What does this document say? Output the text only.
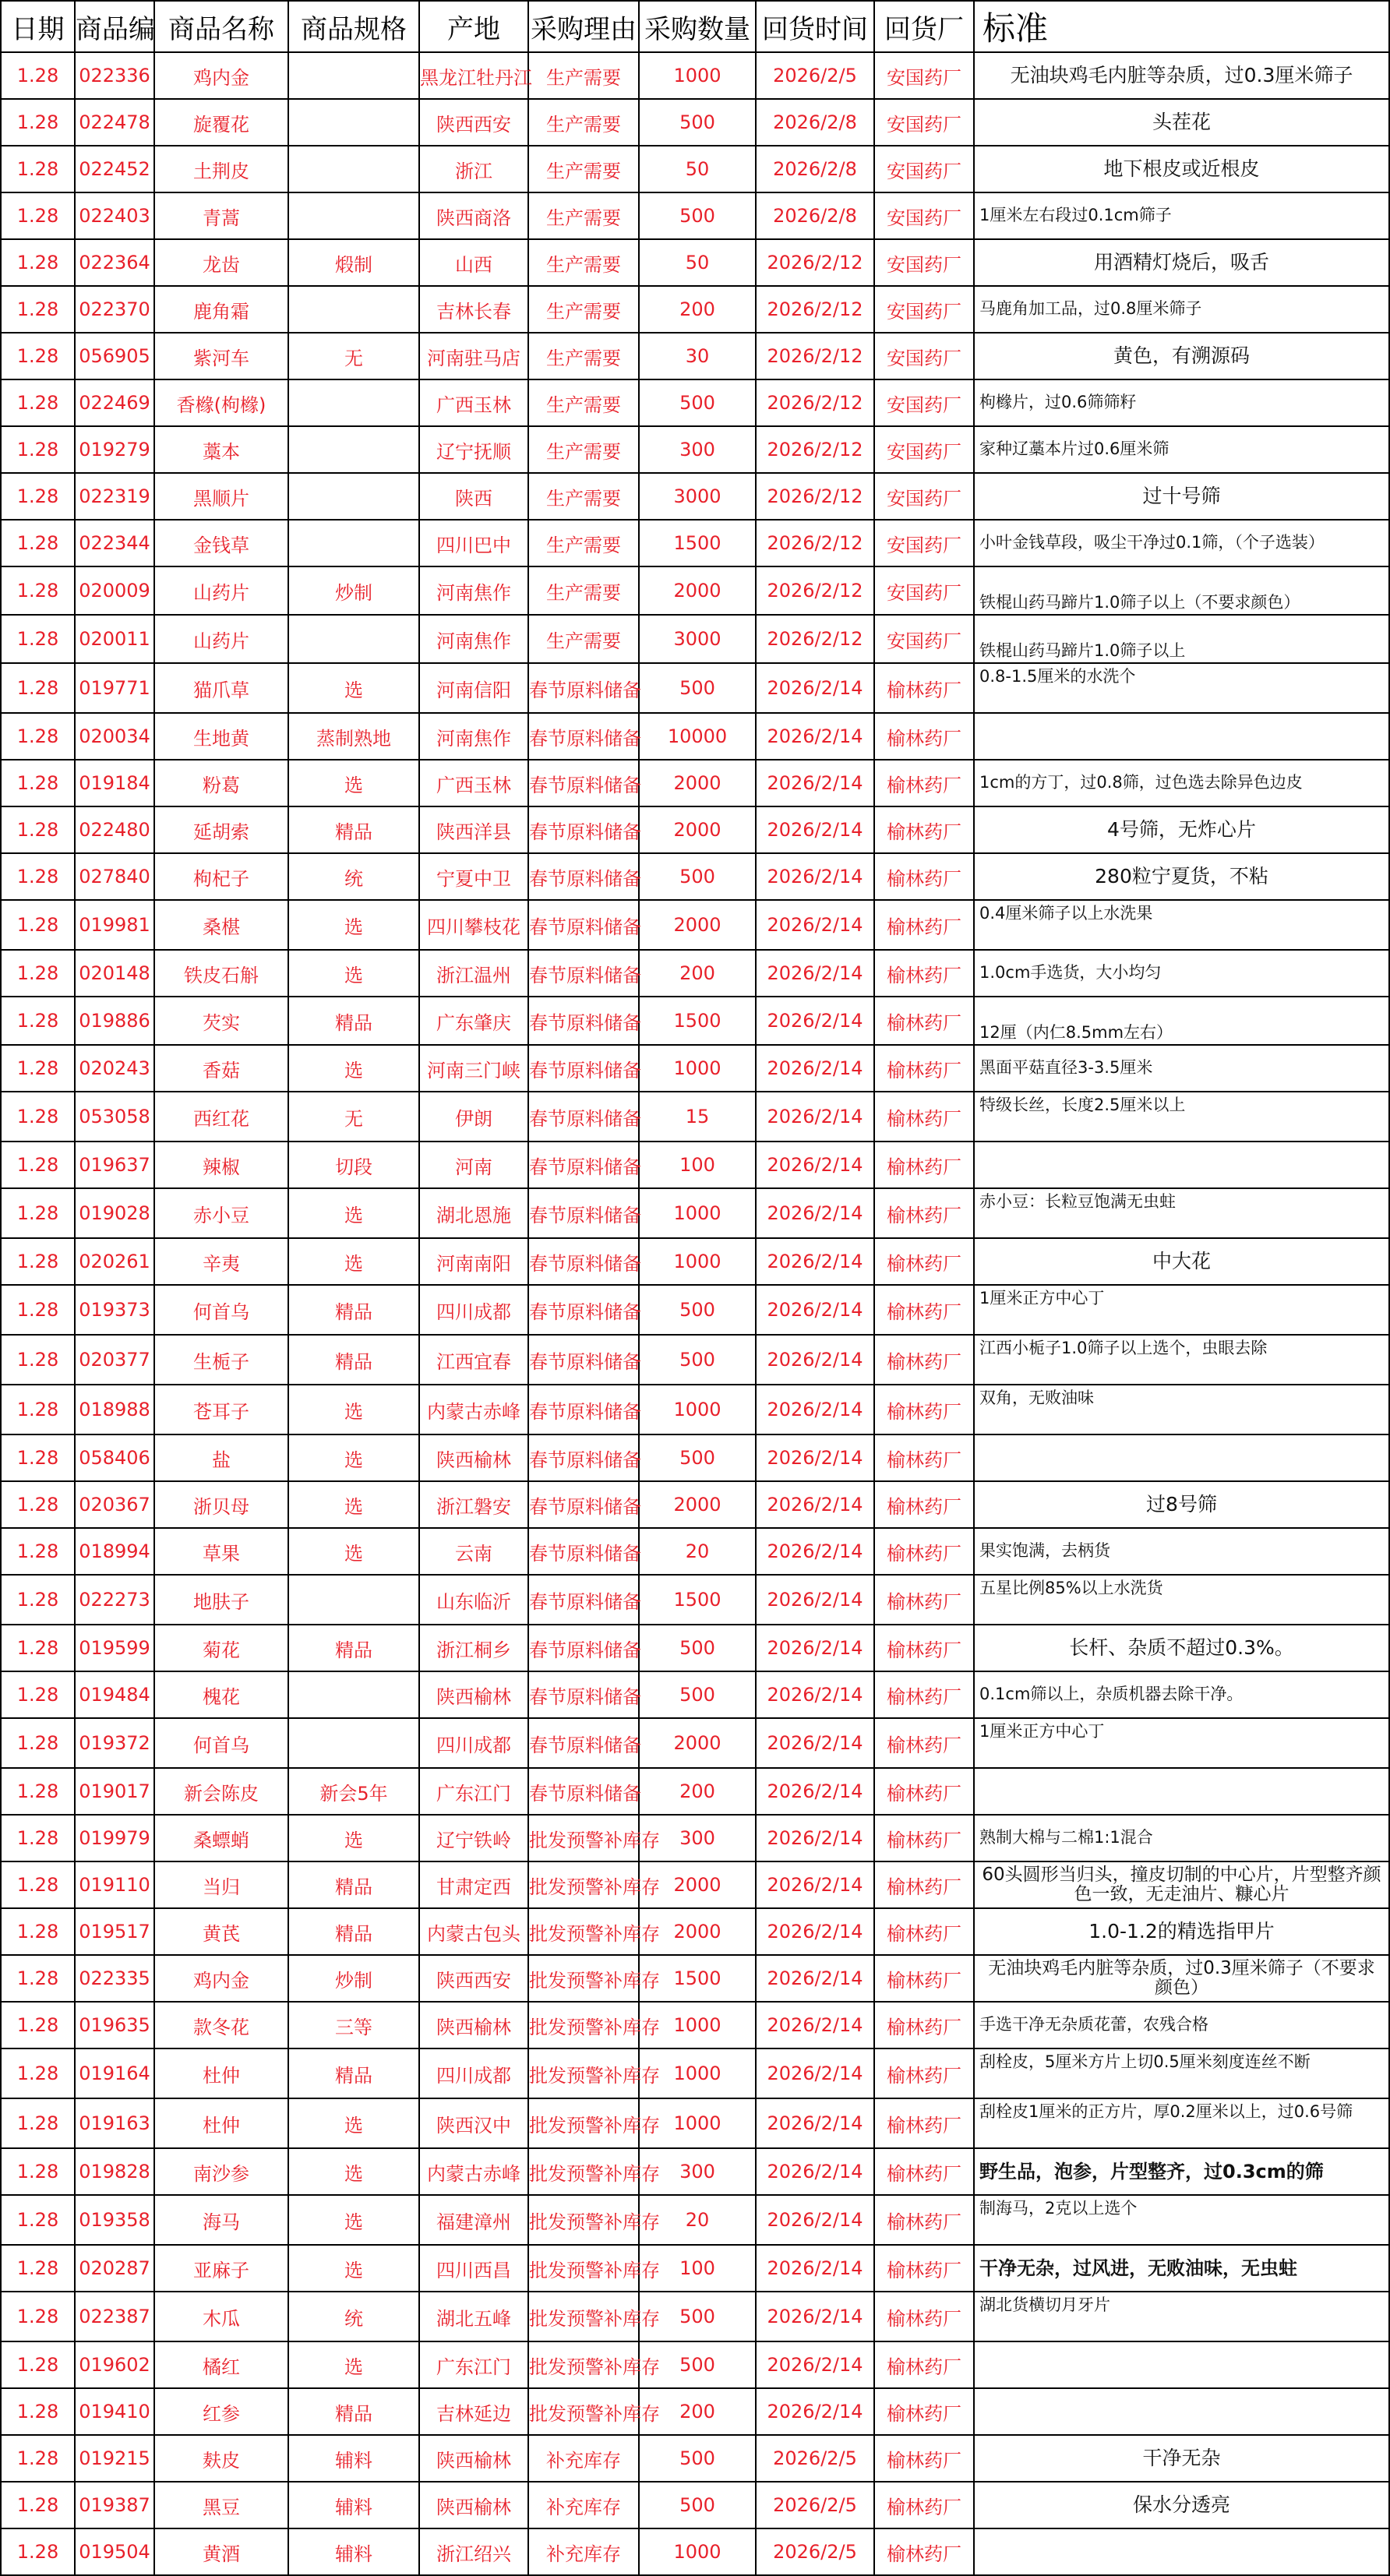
日期	商品编	商品名称	商品规格	产地	采购理由	采购数量	回货时间	回货厂	标准
1.28	022336	鸡内金		黑龙江牡丹江	生产需要	1000	2026/2/5	安国药厂	无油块鸡毛内脏等杂质，过0.3厘米筛子
1.28	022478	旋覆花		陕西西安	生产需要	500	2026/2/8	安国药厂	头茬花
1.28	022452	土荆皮		浙江	生产需要	50	2026/2/8	安国药厂	地下根皮或近根皮
1.28	022403	青蒿		陕西商洛	生产需要	500	2026/2/8	安国药厂	1厘米左右段过0.1cm筛子
1.28	022364	龙齿	煅制	山西	生产需要	50	2026/2/12	安国药厂	用酒精灯烧后，吸舌
1.28	022370	鹿角霜		吉林长春	生产需要	200	2026/2/12	安国药厂	马鹿角加工品，过0.8厘米筛子
1.28	056905	紫河车	无	河南驻马店	生产需要	30	2026/2/12	安国药厂	黄色，有溯源码
1.28	022469	香橼(枸橼)		广西玉林	生产需要	500	2026/2/12	安国药厂	枸橼片，过0.6筛筛籽
1.28	019279	藁本		辽宁抚顺	生产需要	300	2026/2/12	安国药厂	家种辽藁本片过0.6厘米筛
1.28	022319	黑顺片		陕西	生产需要	3000	2026/2/12	安国药厂	过十号筛
1.28	022344	金钱草		四川巴中	生产需要	1500	2026/2/12	安国药厂	小叶金钱草段，吸尘干净过0.1筛，（个子选装）
1.28	020009	山药片	炒制	河南焦作	生产需要	2000	2026/2/12	安国药厂	铁棍山药马蹄片1.0筛子以上（不要求颜色）
1.28	020011	山药片		河南焦作	生产需要	3000	2026/2/12	安国药厂	铁棍山药马蹄片1.0筛子以上
1.28	019771	猫爪草	选	河南信阳	春节原料储备	500	2026/2/14	榆林药厂	0.8-1.5厘米的水洗个
1.28	020034	生地黄	蒸制熟地	河南焦作	春节原料储备	10000	2026/2/14	榆林药厂	
1.28	019184	粉葛	选	广西玉林	春节原料储备	2000	2026/2/14	榆林药厂	1cm的方丁，过0.8筛，过色选去除异色边皮
1.28	022480	延胡索	精品	陕西洋县	春节原料储备	2000	2026/2/14	榆林药厂	4号筛，无炸心片
1.28	027840	枸杞子	统	宁夏中卫	春节原料储备	500	2026/2/14	榆林药厂	280粒宁夏货，不粘
1.28	019981	桑椹	选	四川攀枝花	春节原料储备	2000	2026/2/14	榆林药厂	0.4厘米筛子以上水洗果
1.28	020148	铁皮石斛	选	浙江温州	春节原料储备	200	2026/2/14	榆林药厂	1.0cm手选货，大小均匀
1.28	019886	芡实	精品	广东肇庆	春节原料储备	1500	2026/2/14	榆林药厂	12厘（内仁8.5mm左右）
1.28	020243	香菇	选	河南三门峡	春节原料储备	1000	2026/2/14	榆林药厂	黑面平菇直径3-3.5厘米
1.28	053058	西红花	无	伊朗	春节原料储备	15	2026/2/14	榆林药厂	特级长丝，长度2.5厘米以上
1.28	019637	辣椒	切段	河南	春节原料储备	100	2026/2/14	榆林药厂	
1.28	019028	赤小豆	选	湖北恩施	春节原料储备	1000	2026/2/14	榆林药厂	赤小豆：长粒豆饱满无虫蛀
1.28	020261	辛夷	选	河南南阳	春节原料储备	1000	2026/2/14	榆林药厂	中大花
1.28	019373	何首乌	精品	四川成都	春节原料储备	500	2026/2/14	榆林药厂	1厘米正方中心丁
1.28	020377	生栀子	精品	江西宜春	春节原料储备	500	2026/2/14	榆林药厂	江西小栀子1.0筛子以上选个，虫眼去除
1.28	018988	苍耳子	选	内蒙古赤峰	春节原料储备	1000	2026/2/14	榆林药厂	双角，无败油味
1.28	058406	盐	选	陕西榆林	春节原料储备	500	2026/2/14	榆林药厂	
1.28	020367	浙贝母	选	浙江磐安	春节原料储备	2000	2026/2/14	榆林药厂	过8号筛
1.28	018994	草果	选	云南	春节原料储备	20	2026/2/14	榆林药厂	果实饱满，去柄货
1.28	022273	地肤子		山东临沂	春节原料储备	1500	2026/2/14	榆林药厂	五星比例85%以上水洗货
1.28	019599	菊花	精品	浙江桐乡	春节原料储备	500	2026/2/14	榆林药厂	长杆、杂质不超过0.3%。
1.28	019484	槐花		陕西榆林	春节原料储备	500	2026/2/14	榆林药厂	0.1cm筛以上，杂质机器去除干净。
1.28	019372	何首乌		四川成都	春节原料储备	2000	2026/2/14	榆林药厂	1厘米正方中心丁
1.28	019017	新会陈皮	新会5年	广东江门	春节原料储备	200	2026/2/14	榆林药厂	
1.28	019979	桑螵蛸	选	辽宁铁岭	批发预警补库存	300	2026/2/14	榆林药厂	熟制大棉与二棉1:1混合
1.28	019110	当归	精品	甘肃定西	批发预警补库存	2000	2026/2/14	榆林药厂	60头圆形当归头，撞皮切制的中心片，片型整齐颜色一致，无走油片、糠心片
1.28	019517	黄芪	精品	内蒙古包头	批发预警补库存	2000	2026/2/14	榆林药厂	1.0-1.2的精选指甲片
1.28	022335	鸡内金	炒制	陕西西安	批发预警补库存	1500	2026/2/14	榆林药厂	无油块鸡毛内脏等杂质，过0.3厘米筛子（不要求颜色）
1.28	019635	款冬花	三等	陕西榆林	批发预警补库存	1000	2026/2/14	榆林药厂	手选干净无杂质花蕾，农残合格
1.28	019164	杜仲	精品	四川成都	批发预警补库存	1000	2026/2/14	榆林药厂	刮栓皮，5厘米方片上切0.5厘米刻度连丝不断
1.28	019163	杜仲	选	陕西汉中	批发预警补库存	1000	2026/2/14	榆林药厂	刮栓皮1厘米的正方片，厚0.2厘米以上，过0.6号筛
1.28	019828	南沙参	选	内蒙古赤峰	批发预警补库存	300	2026/2/14	榆林药厂	野生品，泡参，片型整齐，过0.3cm的筛
1.28	019358	海马	选	福建漳州	批发预警补库存	20	2026/2/14	榆林药厂	制海马，2克以上选个
1.28	020287	亚麻子	选	四川西昌	批发预警补库存	100	2026/2/14	榆林药厂	干净无杂，过风进，无败油味，无虫蛀
1.28	022387	木瓜	统	湖北五峰	批发预警补库存	500	2026/2/14	榆林药厂	湖北货横切月牙片
1.28	019602	橘红	选	广东江门	批发预警补库存	500	2026/2/14	榆林药厂	
1.28	019410	红参	精品	吉林延边	批发预警补库存	200	2026/2/14	榆林药厂	
1.28	019215	麸皮	辅料	陕西榆林	补充库存	500	2026/2/5	榆林药厂	干净无杂
1.28	019387	黑豆	辅料	陕西榆林	补充库存	500	2026/2/5	榆林药厂	保水分透亮
1.28	019504	黄酒	辅料	浙江绍兴	补充库存	1000	2026/2/5	榆林药厂	
